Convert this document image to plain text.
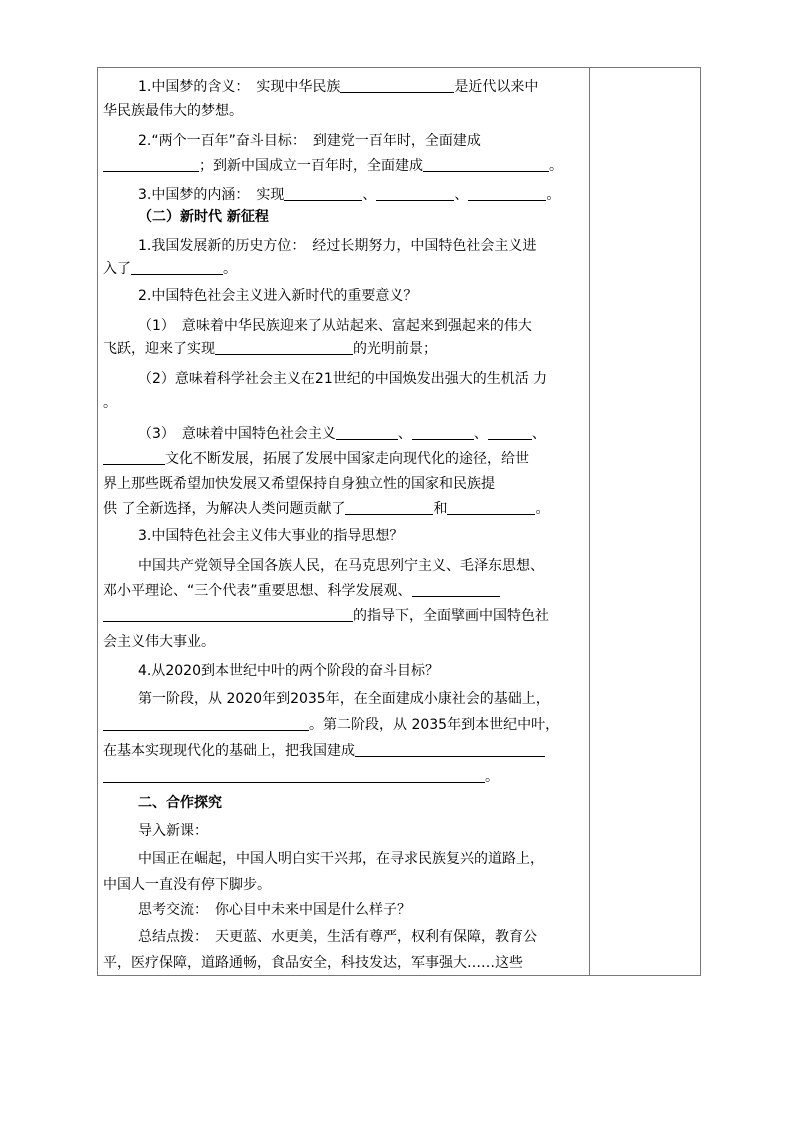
1.中国梦的含义：　实现中华民族	是近代以来中
华民族最伟大的梦想。
2.“两个一百年”奋斗目标：　到建党一百年时，全面建成
；到新中国成立一百年时，全面建成	。
3.中国梦的内涵：　实现	、	、	。
（二）新时代 新征程
1.我国发展新的历史方位：　经过长期努力，中国特色社会主义进
入了	。
2.中国特色社会主义进入新时代的重要意义？
（1）　意味着中华民族迎来了从站起来、富起来到强起来的伟大
飞跃，迎来了实现	的光明前景；
（2）意味着科学社会主义在21世纪的中国焕发出强大的生机活 力
。
（3）　意味着中国特色社会主义	、	、	、
文化不断发展，拓展了发展中国家走向现代化的途径，给世
界上那些既希望加快发展又希望保持自身独立性的国家和民族提
供 了全新选择，为解决人类问题贡献了	和	。
3.中国特色社会主义伟大事业的指导思想？
中国共产党领导全国各族人民，在马克思列宁主义、毛泽东思想、
邓小平理论、“三个代表”重要思想、科学发展观、
的指导下，全面擘画中国特色社
会主义伟大事业。
4.从2020到本世纪中叶的两个阶段的奋斗目标？
第一阶段，从 2020年到2035年，在全面建成小康社会的基础上，
。第二阶段，从 2035年到本世纪中叶，
在基本实现现代化的基础上，把我国建成
。
二、合作探究
导入新课：
中国正在崛起，中国人明白实干兴邦，在寻求民族复兴的道路上，
中国人一直没有停下脚步。
思考交流：　你心目中未来中国是什么样子？
总结点拨：　天更蓝、水更美，生活有尊严，权利有保障，教育公
平，医疗保障，道路通畅，食品安全，科技发达，军事强大……这些
